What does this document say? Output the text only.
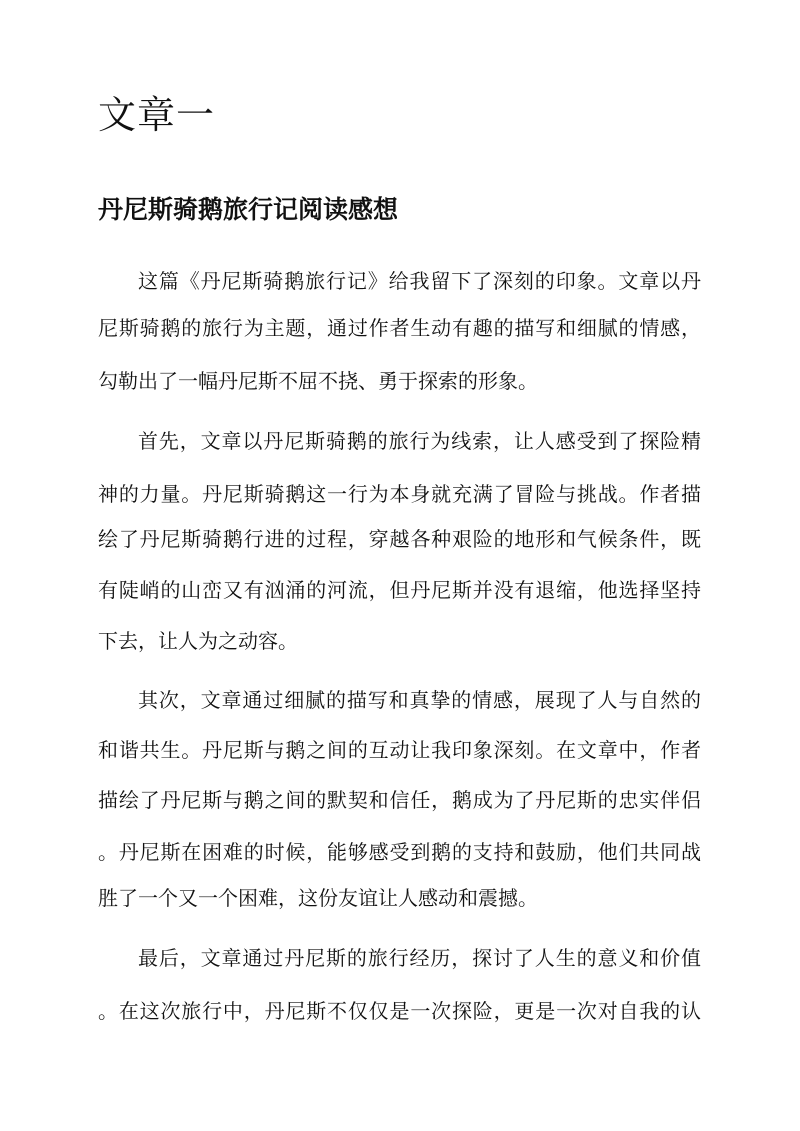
文章一
丹尼斯骑鹅旅行记阅读感想
这篇《丹尼斯骑鹅旅行记》给我留下了深刻的印象。文章以丹
尼斯骑鹅的旅行为主题，通过作者生动有趣的描写和细腻的情感，
勾勒出了一幅丹尼斯不屈不挠、勇于探索的形象。
首先，文章以丹尼斯骑鹅的旅行为线索，让人感受到了探险精
神的力量。丹尼斯骑鹅这一行为本身就充满了冒险与挑战。作者描
绘了丹尼斯骑鹅行进的过程，穿越各种艰险的地形和气候条件，既
有陡峭的山峦又有汹涌的河流，但丹尼斯并没有退缩，他选择坚持
下去，让人为之动容。
其次，文章通过细腻的描写和真挚的情感，展现了人与自然的
和谐共生。丹尼斯与鹅之间的互动让我印象深刻。在文章中，作者
描绘了丹尼斯与鹅之间的默契和信任，鹅成为了丹尼斯的忠实伴侣
。丹尼斯在困难的时候，能够感受到鹅的支持和鼓励，他们共同战
胜了一个又一个困难，这份友谊让人感动和震撼。
最后，文章通过丹尼斯的旅行经历，探讨了人生的意义和价值
。在这次旅行中，丹尼斯不仅仅是一次探险，更是一次对自我的认
